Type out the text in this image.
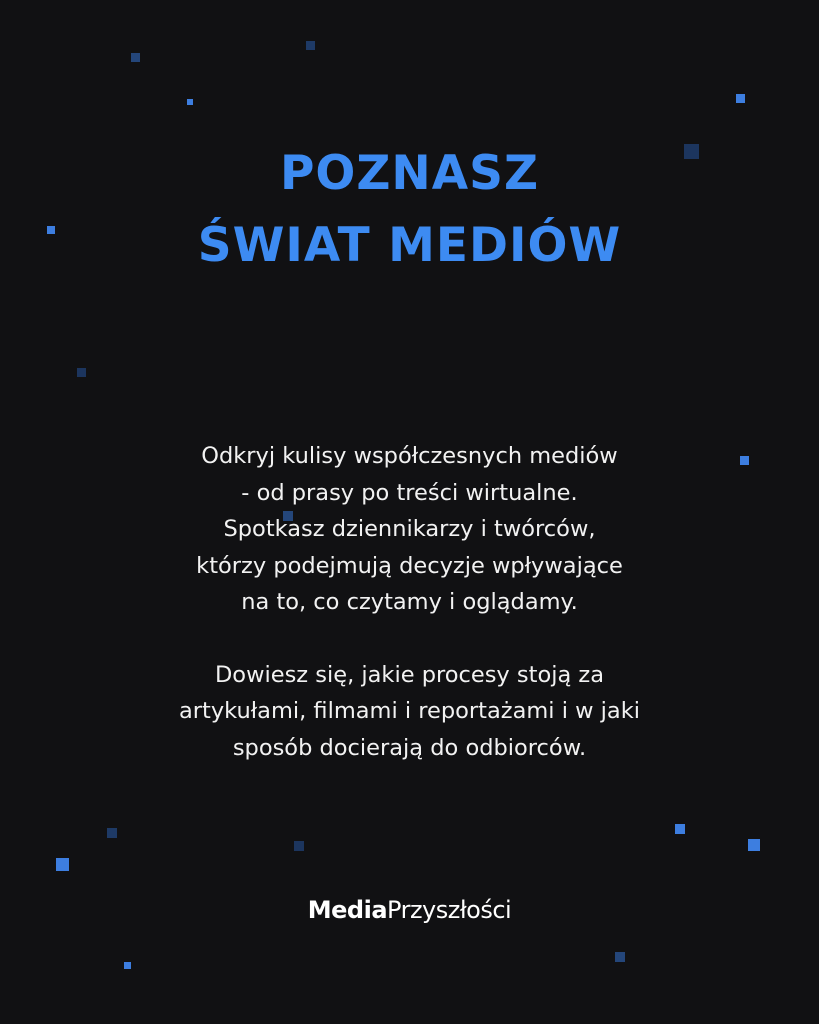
POZNASZ
ŚWIAT MEDIÓW
Odkryj kulisy współczesnych mediów
- od prasy po treści wirtualne.
Spotkasz dziennikarzy i twórców,
którzy podejmują decyzje wpływające
na to, co czytamy i oglądamy.
Dowiesz się, jakie procesy stoją za
artykułami, filmami i reportażami i w jaki
sposób docierają do odbiorców.
MediaPrzyszłości
